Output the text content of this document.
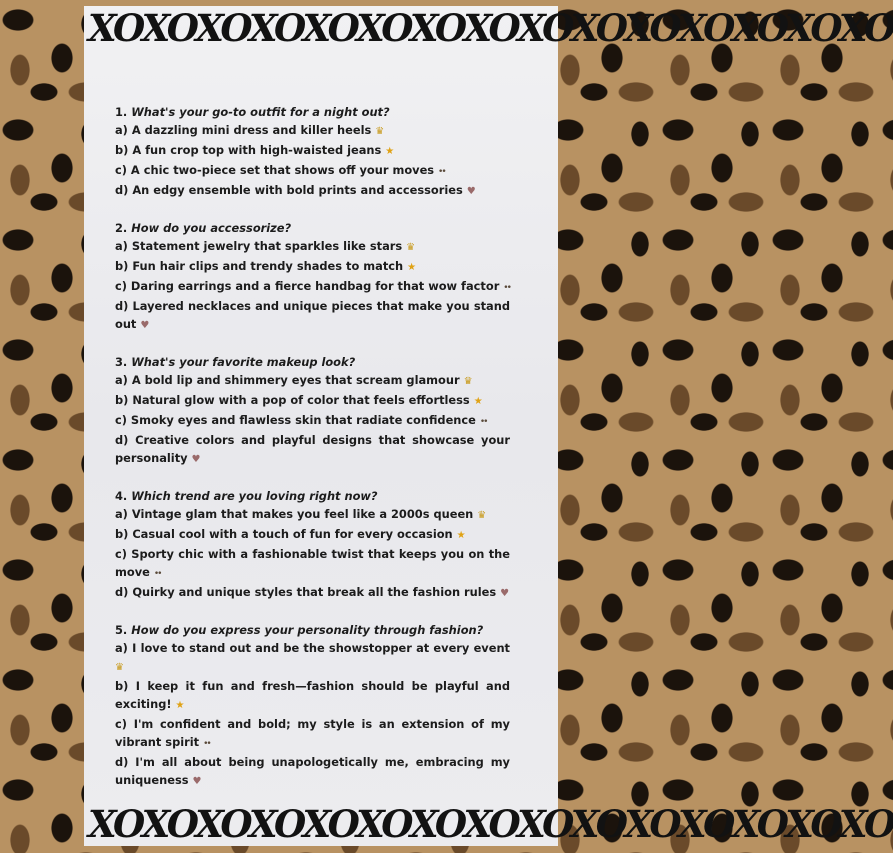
XOXOXOXOXOXOXOXOXOXOXOXOXOXOXO
1. What's your go-to outfit for a night out?
a) A dazzling mini dress and killer heels ♛
b) A fun crop top with high-waisted jeans ★
c) A chic two-piece set that shows off your moves ••
d) An edgy ensemble with bold prints and accessories ♥
2. How do you accessorize?
a) Statement jewelry that sparkles like stars ♛
b) Fun hair clips and trendy shades to match ★
c) Daring earrings and a fierce handbag for that wow factor ••
d) Layered necklaces and unique pieces that make you stand out ♥
3. What's your favorite makeup look?
a) A bold lip and shimmery eyes that scream glamour ♛
b) Natural glow with a pop of color that feels effortless ★
c) Smoky eyes and flawless skin that radiate confidence ••
d) Creative colors and playful designs that showcase your personality ♥
4. Which trend are you loving right now?
a) Vintage glam that makes you feel like a 2000s queen ♛
b) Casual cool with a touch of fun for every occasion ★
c) Sporty chic with a fashionable twist that keeps you on the move ••
d) Quirky and unique styles that break all the fashion rules ♥
5. How do you express your personality through fashion?
a) I love to stand out and be the showstopper at every event ♛
b) I keep it fun and fresh—fashion should be playful and exciting! ★
c) I'm confident and bold; my style is an extension of my vibrant spirit ••
d) I'm all about being unapologetically me, embracing my uniqueness ♥
XOXOXOXOXOXOXOXOXOXOXOXOXOXOXO
